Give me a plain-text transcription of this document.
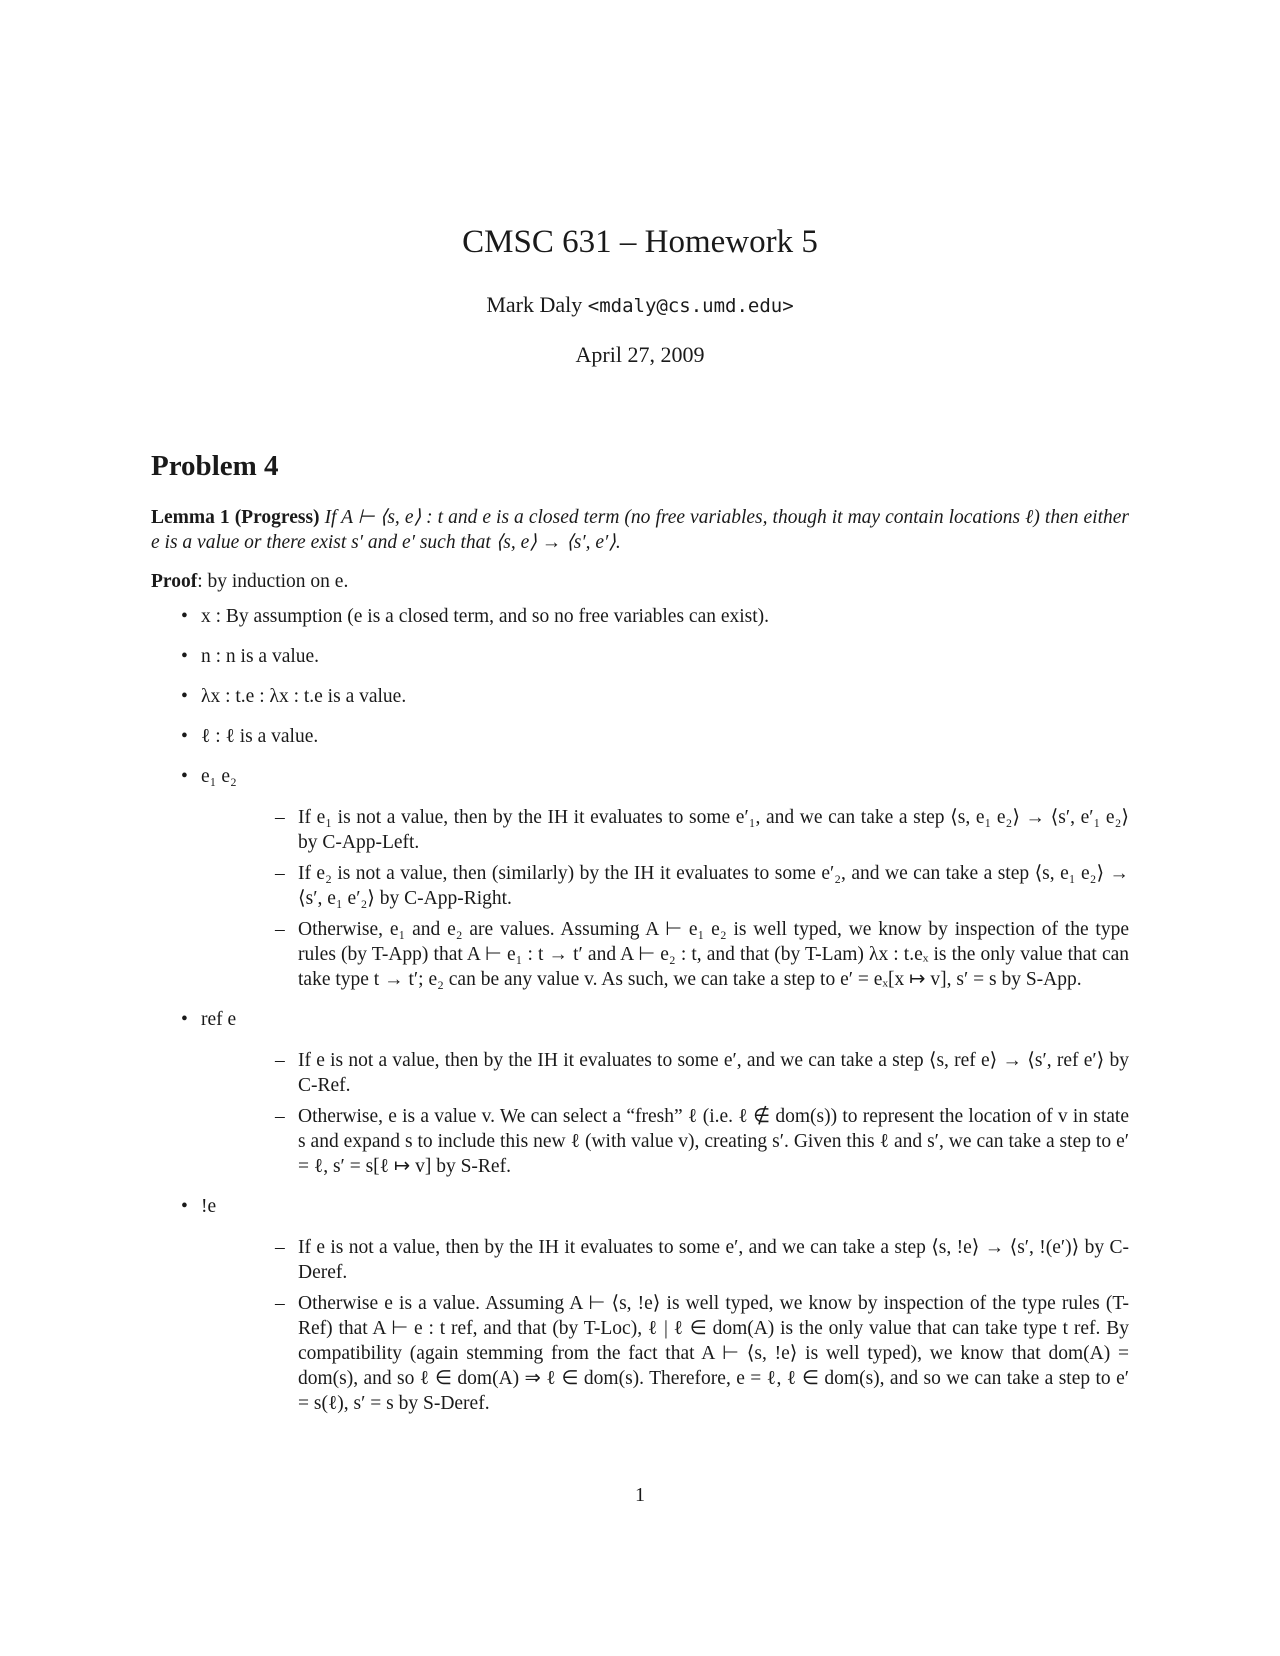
CMSC 631 – Homework 5
Mark Daly <mdaly@cs.umd.edu>
April 27, 2009
Problem 4

Lemma 1 (Progress) If A ⊢ ⟨s, e⟩ : t and e is a closed term (no free variables, though it may contain locations ℓ) then either e is a value or there exist s′ and e′ such that ⟨s, e⟩ → ⟨s′, e′⟩.

Proof: by induction on e.
• x : By assumption (e is a closed term, and so no free variables can exist).
• n : n is a value.
• λx : t.e : λx : t.e is a value.
• ℓ : ℓ is a value.
• e₁ e₂
– If e₁ is not a value, then by the IH it evaluates to some e′₁, and we can take a step ⟨s, e₁ e₂⟩ → ⟨s′, e′₁ e₂⟩ by C-App-Left.
– If e₂ is not a value, then (similarly) by the IH it evaluates to some e′₂, and we can take a step ⟨s, e₁ e₂⟩ → ⟨s′, e₁ e′₂⟩ by C-App-Right.
– Otherwise, e₁ and e₂ are values. Assuming A ⊢ e₁ e₂ is well typed, we know by inspection of the type rules (by T-App) that A ⊢ e₁ : t → t′ and A ⊢ e₂ : t, and that (by T-Lam) λx : t.eₓ is the only value that can take type t → t′; e₂ can be any value v. As such, we can take a step to e′ = eₓ[x ↦ v], s′ = s by S-App.
• ref e
– If e is not a value, then by the IH it evaluates to some e′, and we can take a step ⟨s, ref e⟩ → ⟨s′, ref e′⟩ by C-Ref.
– Otherwise, e is a value v. We can select a “fresh” ℓ (i.e. ℓ ∉ dom(s)) to represent the location of v in state s and expand s to include this new ℓ (with value v), creating s′. Given this ℓ and s′, we can take a step to e′ = ℓ, s′ = s[ℓ ↦ v] by S-Ref.
• !e
– If e is not a value, then by the IH it evaluates to some e′, and we can take a step ⟨s, !e⟩ → ⟨s′, !(e′)⟩ by C-Deref.
– Otherwise e is a value. Assuming A ⊢ ⟨s, !e⟩ is well typed, we know by inspection of the type rules (T-Ref) that A ⊢ e : t ref, and that (by T-Loc), ℓ | ℓ ∈ dom(A) is the only value that can take type t ref. By compatibility (again stemming from the fact that A ⊢ ⟨s, !e⟩ is well typed), we know that dom(A) = dom(s), and so ℓ ∈ dom(A) ⇒ ℓ ∈ dom(s). Therefore, e = ℓ, ℓ ∈ dom(s), and so we can take a step to e′ = s(ℓ), s′ = s by S-Deref.
1
